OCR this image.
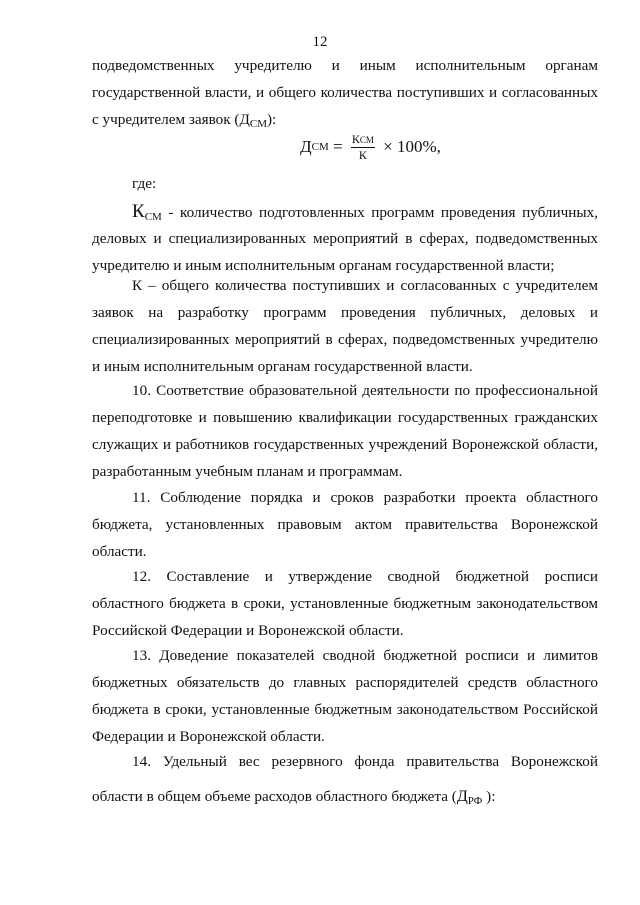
12
подведомственных учредителю и иным исполнительным органам
государственной власти, и общего количества поступивших и согласованных
с учредителем заявок $(Д_{СМ})$:
Д СМ = $\frac{\text{КСМ}}{К} \times 100\%$,
где:
$К_{СМ}$ - количество подготовленных программ проведения публичных,
деловых и специализированных мероприятий в сферах, подведомственных
учредителю и иным исполнительным органам государственной власти;
К – общего количества поступивших и согласованных с учредителем
заявок на разработку программ проведения публичных, деловых и
специализированных мероприятий в сферах, подведомственных учредителю
и иным исполнительным органам государственной власти.
10. Соответствие образовательной деятельности по профессиональной
переподготовке и повышению квалификации государственных гражданских
служащих и работников государственных учреждений Воронежской области,
разработанным учебным планам и программам.
11. Соблюдение порядка и сроков разработки проекта областного
бюджета, установленных правовым актом правительства Воронежской
области.
12. Составление и утверждение сводной бюджетной росписи
областного бюджета в сроки, установленные бюджетным законодательством
Российской Федерации и Воронежской области.
13. Доведение показателей сводной бюджетной росписи и лимитов
бюджетных обязательств до главных распорядителей средств областного
бюджета в сроки, установленные бюджетным законодательством Российской
Федерации и Воронежской области.
14. Удельный вес резервного фонда правительства Воронежской
области в общем объеме расходов областного бюджета ($Д_{РФ}$ ):
